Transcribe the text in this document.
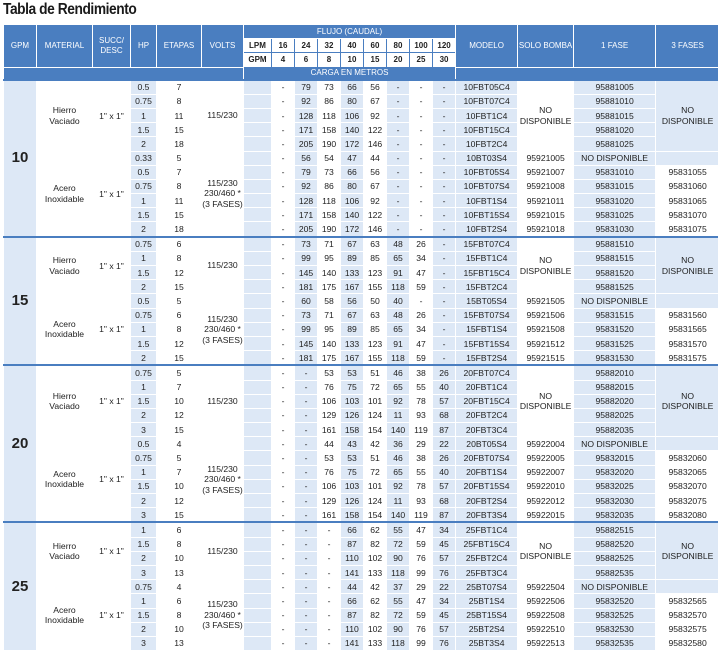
Tabla de Rendimiento
GPM	MATERIAL	SUCC/ DESC	HP	ETAPAS	VOLTS	FLUJO (CAUDAL)									MODELO	SOLO BOMBA	1 FASE	3 FASES
						LPM	16	24	32	40	60	80	100	120				
						GPM	4	6	8	10	15	20	25	30				
						CARGA EN METROS												
10	Hierro Vaciado	1" x 1"	0.5	7	115/230		-	79	73	66	56	-	-	-	10FBT05C4	NO DISPONIBLE	95881005	NO DISPONIBLE
			0.75	8			-	92	86	80	67	-	-	-	10FBT07C4		95881010	
			1	11			-	128	118	106	92	-	-	-	10FBT1C4		95881015	
			1.5	15			-	171	158	140	122	-	-	-	10FBT15C4		95881020	
			2	18			-	205	190	172	146	-	-	-	10FBT2C4		95881025	
	Acero Inoxidable	1" x 1"	0.33	5	115/230 230/460 *(3 FASES)		-	56	54	47	44	-	-	-	10BT03S4	95921005	NO DISPONIBLE	
			0.5	7			-	79	73	66	56	-	-	-	10FBT05S4	95921007	95831010	95831055
			0.75	8			-	92	86	80	67	-	-	-	10FBT07S4	95921008	95831015	95831060
			1	11			-	128	118	106	92	-	-	-	10FBT1S4	95921011	95831020	95831065
			1.5	15			-	171	158	140	122	-	-	-	10FBT15S4	95921015	95831025	95831070
			2	18			-	205	190	172	146	-	-	-	10FBT2S4	95921018	95831030	95831075
15	Hierro Vaciado	1" x 1"	0.75	6	115/230		-	73	71	67	63	48	26	-	15FBT07C4	NO DISPONIBLE	95881510	NO DISPONIBLE
			1	8			-	99	95	89	85	65	34	-	15FBT1C4		95881515	
			1.5	12			-	145	140	133	123	91	47	-	15FBT15C4		95881520	
			2	15			-	181	175	167	155	118	59	-	15FBT2C4		95881525	
	Acero Inoxidable	1" x 1"	0.5	5	115/230 230/460 *(3 FASES)		-	60	58	56	50	40	-	-	15BT05S4	95921505	NO DISPONIBLE	
			0.75	6			-	73	71	67	63	48	26	-	15FBT07S4	95921506	95831515	95831560
			1	8			-	99	95	89	85	65	34	-	15FBT1S4	95921508	95831520	95831565
			1.5	12			-	145	140	133	123	91	47	-	15FBT15S4	95921512	95831525	95831570
			2	15			-	181	175	167	155	118	59	-	15FBT2S4	95921515	95831530	95831575
20	Hierro Vaciado	1" x 1"	0.75	5	115/230		-	-	53	53	51	46	38	26	20FBT07C4	NO DISPONIBLE	95882010	NO DISPONIBLE
			1	7			-	-	76	75	72	65	55	40	20FBT1C4		95882015	
			1.5	10			-	-	106	103	101	92	78	57	20FBT15C4		95882020	
			2	12			-	-	129	126	124	11	93	68	20FBT2C4		95882025	
			3	15			-	-	161	158	154	140	119	87	20FBT3C4		95882035	
	Acero Inoxidable	1" x 1"	0.5	4	115/230 230/460 *(3 FASES)		-	-	44	43	42	36	29	22	20BT05S4	95922004	NO DISPONIBLE	
			0.75	5			-	-	53	53	51	46	38	26	20FBT07S4	95922005	95832015	95832060
			1	7			-	-	76	75	72	65	55	40	20FBT1S4	95922007	95832020	95832065
			1.5	10			-	-	106	103	101	92	78	57	20FBT15S4	95922010	95832025	95832070
			2	12			-	-	129	126	124	11	93	68	20FBT2S4	95922012	95832030	95832075
			3	15			-	-	161	158	154	140	119	87	20FBT3S4	95922015	95832035	95832080
25	Hierro Vaciado	1" x 1"	1	6	115/230		-	-	-	66	62	55	47	34	25FBT1C4	NO DISPONIBLE	95882515	NO DISPONIBLE
			1.5	8			-	-	-	87	82	72	59	45	25FBT15C4		95882520	
			2	10			-	-	-	110	102	90	76	57	25FBT2C4		95882525	
			3	13			-	-	-	141	133	118	99	76	25FBT3C4		95882535	
	Acero Inoxidable	1" x 1"	0.75	4	115/230 230/460 *(3 FASES)		-	-	-	44	42	37	29	22	25BT07S4	95922504	NO DISPONIBLE	
			1	6			-	-	-	66	62	55	47	34	25BT1S4	95922506	95832520	95832565
			1.5	8			-	-	-	87	82	72	59	45	25BT15S4	95922508	95832525	95832570
			2	10			-	-	-	110	102	90	76	57	25BT2S4	95922510	95832530	95832575
			3	13			-	-	-	141	133	118	99	76	25BT3S4	95922513	95832535	95832580
